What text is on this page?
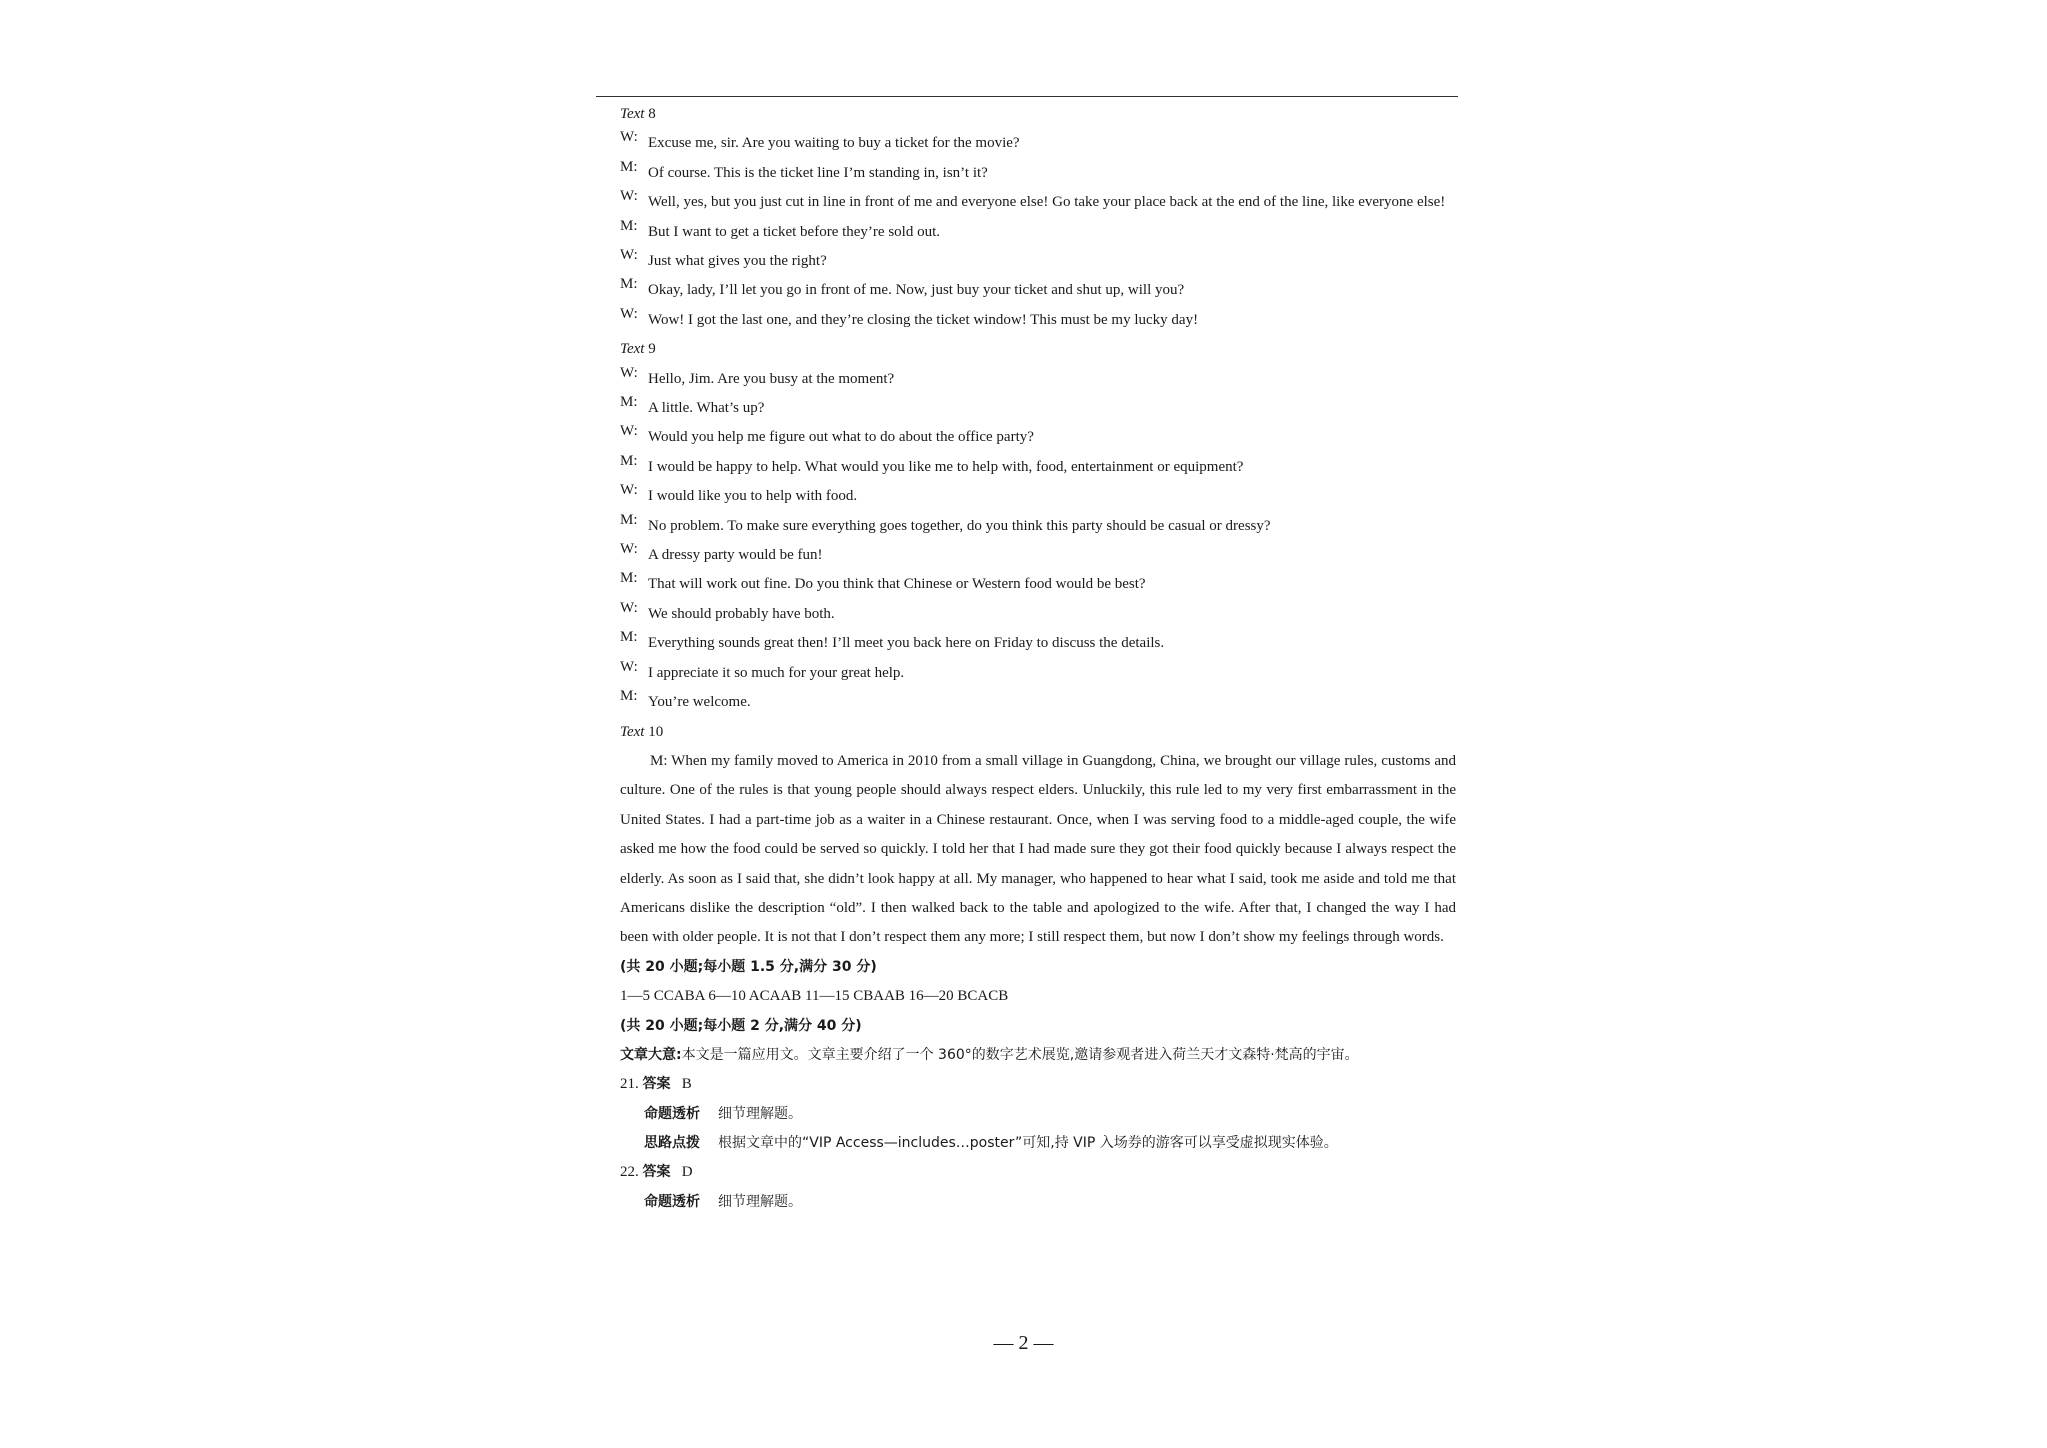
Text 8
W: Excuse me, sir. Are you waiting to buy a ticket for the movie?
M: Of course. This is the ticket line I’m standing in, isn’t it?
W: Well, yes, but you just cut in line in front of me and everyone else! Go take your place back at the end of the line, like everyone else!
M: But I want to get a ticket before they’re sold out.
W: Just what gives you the right?
M: Okay, lady, I’ll let you go in front of me. Now, just buy your ticket and shut up, will you?
W: Wow! I got the last one, and they’re closing the ticket window! This must be my lucky day!
Text 9
W: Hello, Jim. Are you busy at the moment?
M: A little. What’s up?
W: Would you help me figure out what to do about the office party?
M: I would be happy to help. What would you like me to help with, food, entertainment or equipment?
W: I would like you to help with food.
M: No problem. To make sure everything goes together, do you think this party should be casual or dressy?
W: A dressy party would be fun!
M: That will work out fine. Do you think that Chinese or Western food would be best?
W: We should probably have both.
M: Everything sounds great then! I’ll meet you back here on Friday to discuss the details.
W: I appreciate it so much for your great help.
M: You’re welcome.
Text 10
M: When my family moved to America in 2010 from a small village in Guangdong, China, we brought our village rules, customs and culture. One of the rules is that young people should always respect elders. Unluckily, this rule led to my very first embarrassment in the United States. I had a part-time job as a waiter in a Chinese restaurant. Once, when I was serving food to a middle-aged couple, the wife asked me how the food could be served so quickly. I told her that I had made sure they got their food quickly because I always respect the elderly. As soon as I said that, she didn’t look happy at all. My manager, who happened to hear what I said, took me aside and told me that Americans dislike the description “old”. I then walked back to the table and apologized to the wife. After that, I changed the way I had been with older people. It is not that I don’t respect them any more; I still respect them, but now I don’t show my feelings through words.
(共 20 小题;每小题 1.5 分,满分 30 分)
1—5 CCABA 6—10 ACAAB 11—15 CBAAB 16—20 BCACB
(共 20 小题;每小题 2 分,满分 40 分)
文章大意:本文是一篇应用文。文章主要介绍了一个 360°的数字艺术展览,邀请参观者进入荷兰天才文森特·梵高的宇宙。
21. 答案 B
命题透析 细节理解题。
思路点拨 根据文章中的“VIP Access—includes…poster”可知,持 VIP 入场券的游客可以享受虚拟现实体验。
22. 答案 D
命题透析 细节理解题。
— 2 —
